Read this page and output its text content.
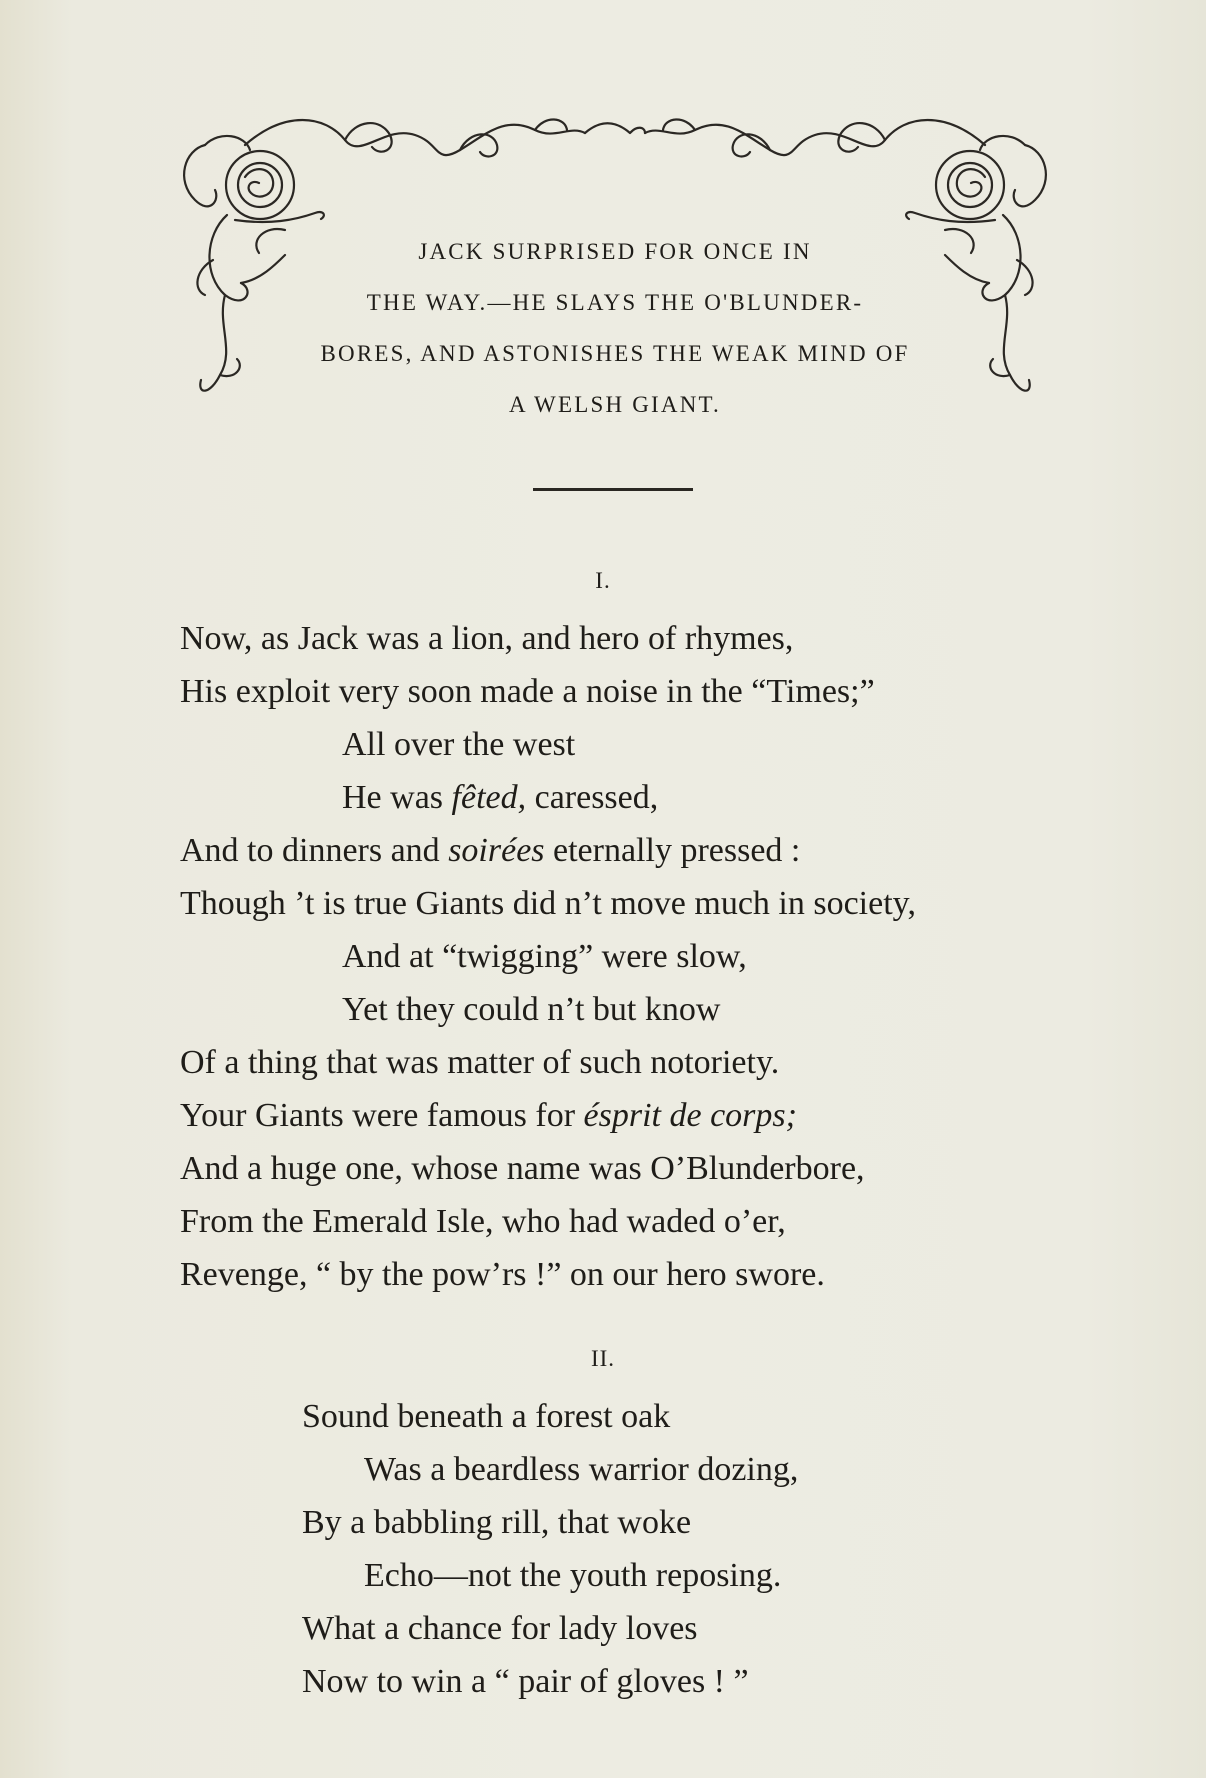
JACK SURPRISED FOR ONCE IN
THE WAY.—HE SLAYS THE O'BLUNDER-
BORES, AND ASTONISHES THE WEAK MIND OF
A WELSH GIANT.
I.
Now, as Jack was a lion, and hero of rhymes,
His exploit very soon made a noise in the “Times;”
All over the west
He was fêted, caressed,
And to dinners and soirées eternally pressed :
Though ’t is true Giants did n’t move much in society,
And at “twigging” were slow,
Yet they could n’t but know
Of a thing that was matter of such notoriety.
Your Giants were famous for ésprit de corps;
And a huge one, whose name was O’Blunderbore,
From the Emerald Isle, who had waded o’er,
Revenge, “ by the pow’rs !” on our hero swore.
II.
Sound beneath a forest oak
Was a beardless warrior dozing,
By a babbling rill, that woke
Echo—not the youth reposing.
What a chance for lady loves
Now to win a “ pair of gloves ! ”
